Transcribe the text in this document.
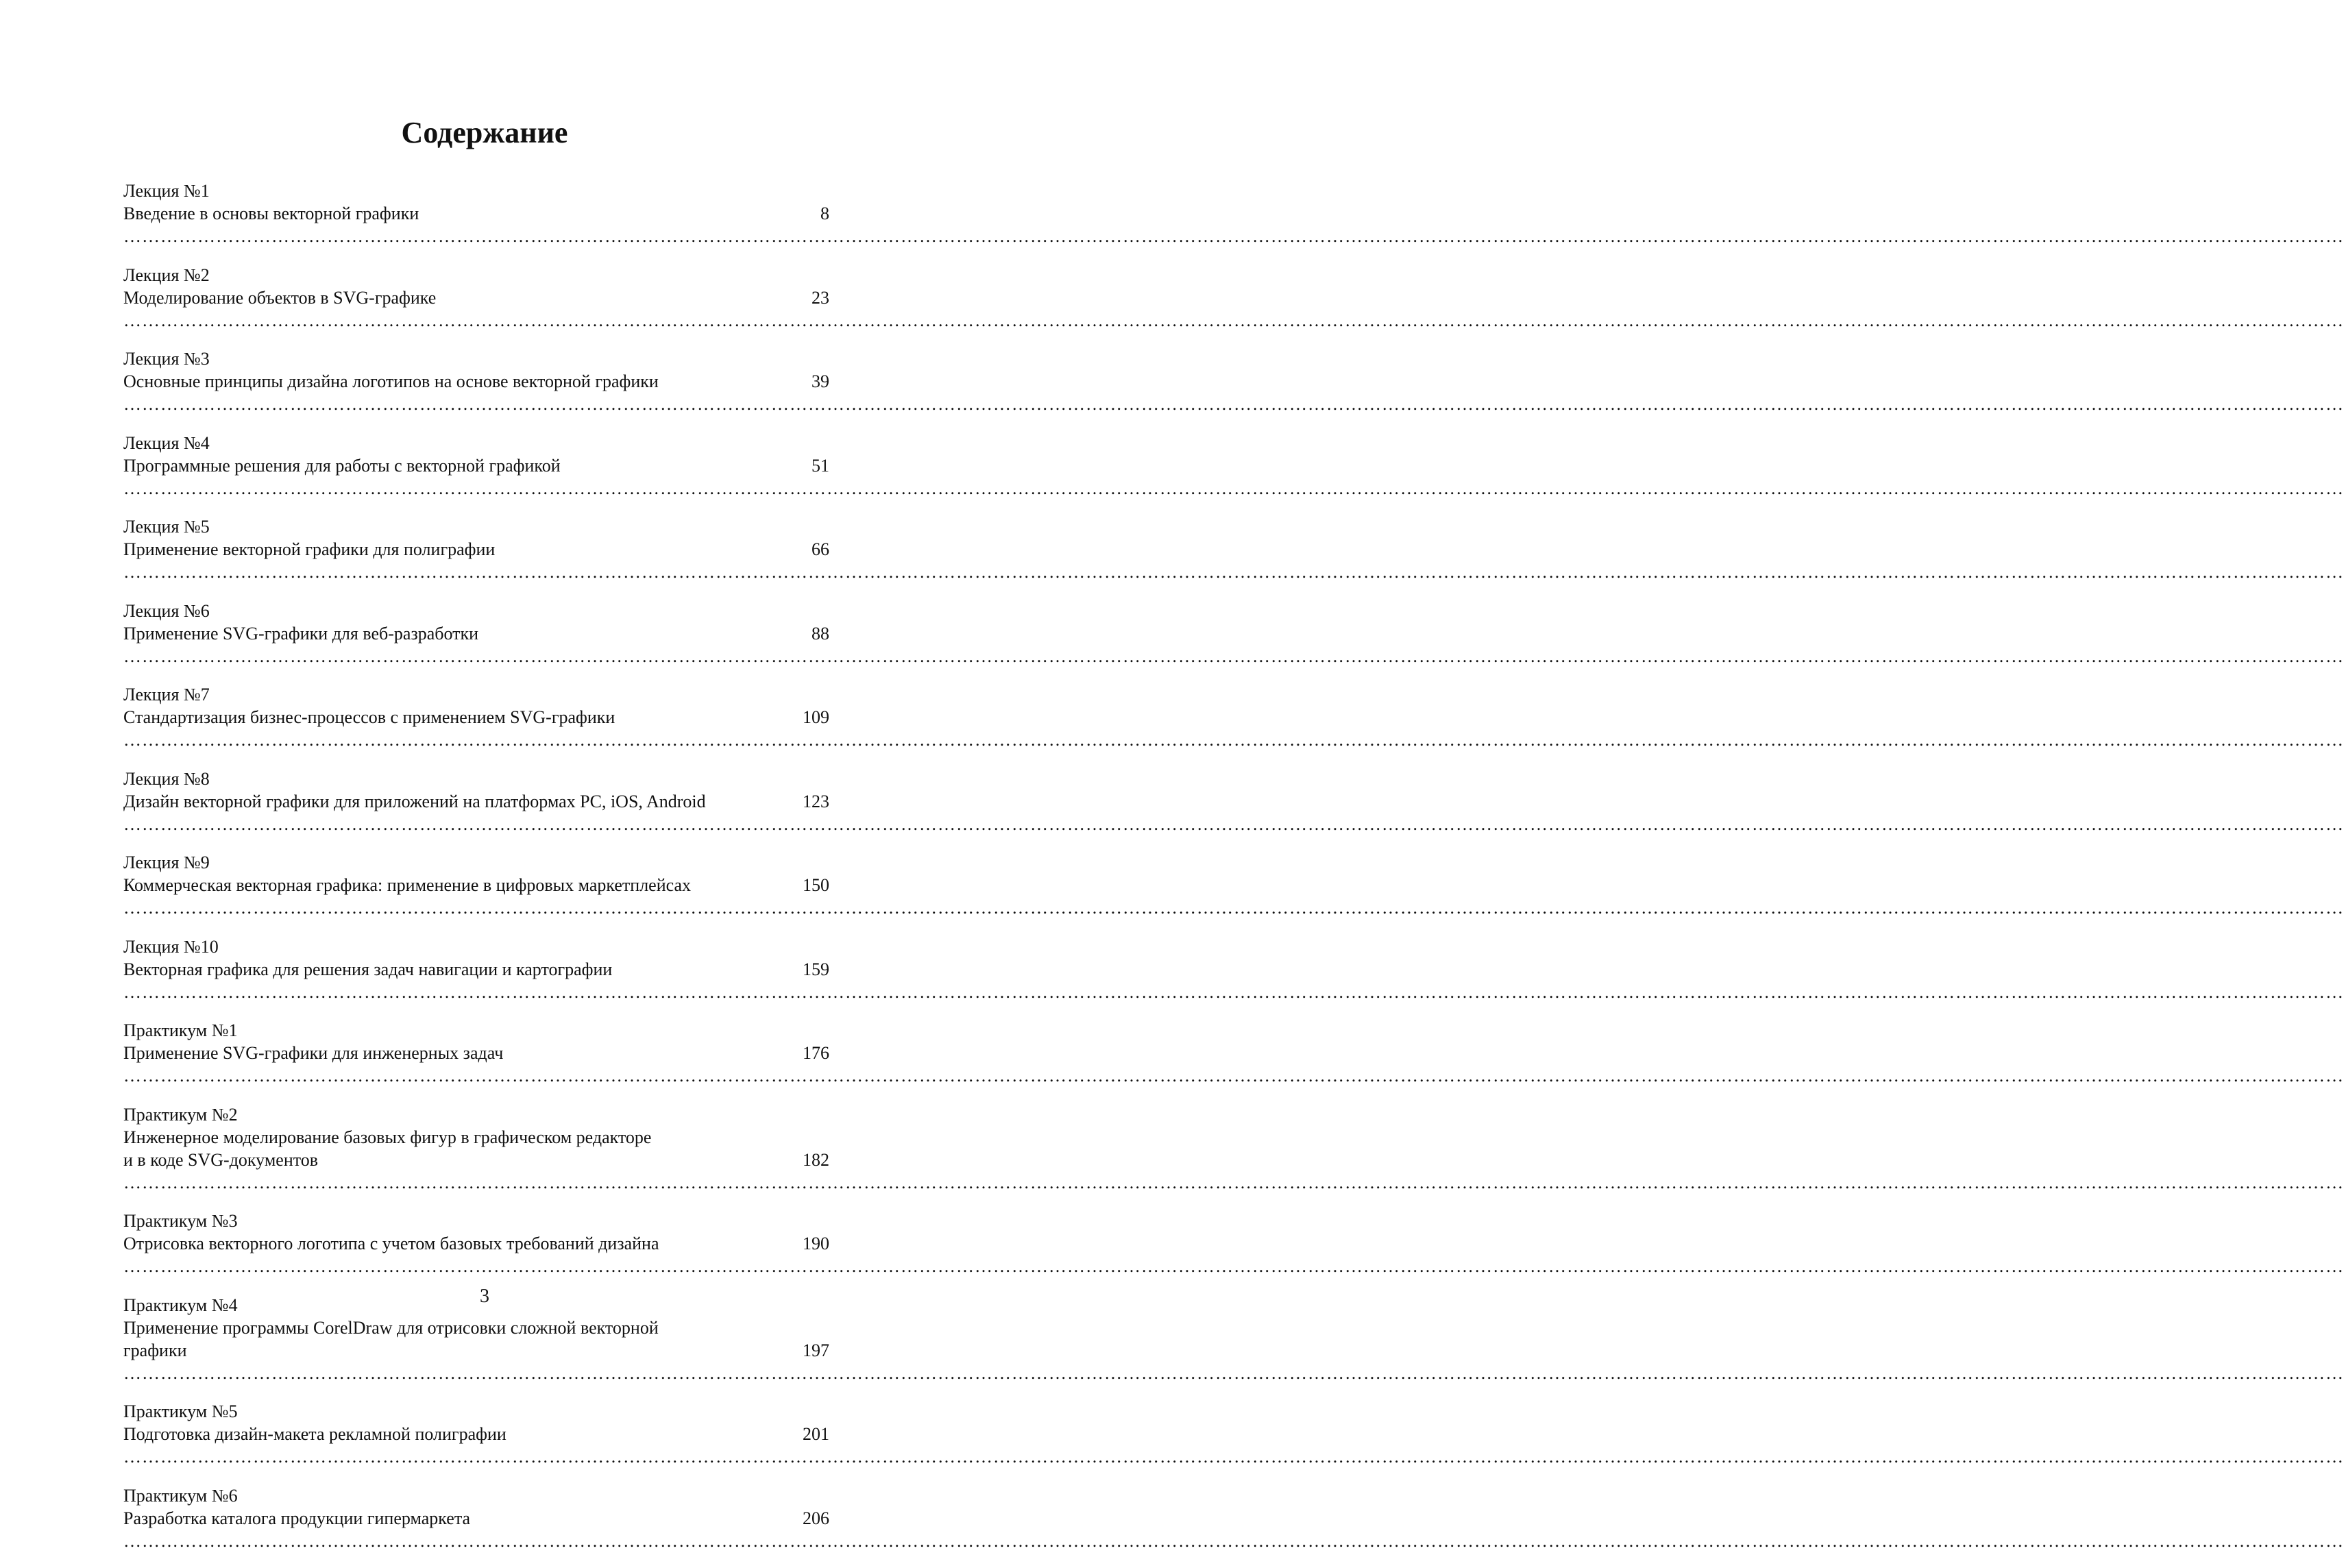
Содержание
Лекция №1
Введение в основы векторной графики ………………………………………………………………………………………………………………………………………………………………………………………………………………………………………………………………………………………………………………………………
8
Лекция №2
Моделирование объектов в SVG-графике ………………………………………………………………………………………………………………………………………………………………………………………………………………………………………………………………………………………………………………………………
23
Лекция №3
Основные принципы дизайна логотипов на основе векторной графики ………………………………………………………………………………………………………………………………………………………………………………………………………………………………………………………………………………………………………………………………
39
Лекция №4
Программные решения для работы с векторной графикой ………………………………………………………………………………………………………………………………………………………………………………………………………………………………………………………………………………………………………………………………
51
Лекция №5
Применение векторной графики для полиграфии ………………………………………………………………………………………………………………………………………………………………………………………………………………………………………………………………………………………………………………………………
66
Лекция №6
Применение SVG-графики для веб-разработки ………………………………………………………………………………………………………………………………………………………………………………………………………………………………………………………………………………………………………………………………
88
Лекция №7
Стандартизация бизнес-процессов с применением SVG-графики ………………………………………………………………………………………………………………………………………………………………………………………………………………………………………………………………………………………………………………………………
109
Лекция №8
Дизайн векторной графики для приложений на платформах PC, iOS, Android ………………………………………………………………………………………………………………………………………………………………………………………………………………………………………………………………………………………………………………………………
123
Лекция №9
Коммерческая векторная графика: применение в цифровых маркетплейсах ………………………………………………………………………………………………………………………………………………………………………………………………………………………………………………………………………………………………………………………………
150
Лекция №10
Векторная графика для решения задач навигации и картографии ………………………………………………………………………………………………………………………………………………………………………………………………………………………………………………………………………………………………………………………………
159
Практикум №1
Применение SVG-графики для инженерных задач ………………………………………………………………………………………………………………………………………………………………………………………………………………………………………………………………………………………………………………………………
176
Практикум №2
Инженерное моделирование базовых фигур в графическом редакторе
и в коде SVG-документов ………………………………………………………………………………………………………………………………………………………………………………………………………………………………………………………………………………………………………………………………
182
Практикум №3
Отрисовка векторного логотипа с учетом базовых требований дизайна ………………………………………………………………………………………………………………………………………………………………………………………………………………………………………………………………………………………………………………………………
190
Практикум №4
Применение программы CorelDraw для отрисовки сложной векторной
графики ………………………………………………………………………………………………………………………………………………………………………………………………………………………………………………………………………………………………………………………………
197
Практикум №5
Подготовка дизайн-макета рекламной полиграфии ………………………………………………………………………………………………………………………………………………………………………………………………………………………………………………………………………………………………………………………………
201
Практикум №6
Разработка каталога продукции гипермаркета ………………………………………………………………………………………………………………………………………………………………………………………………………………………………………………………………………………………………………………………………
206
3
